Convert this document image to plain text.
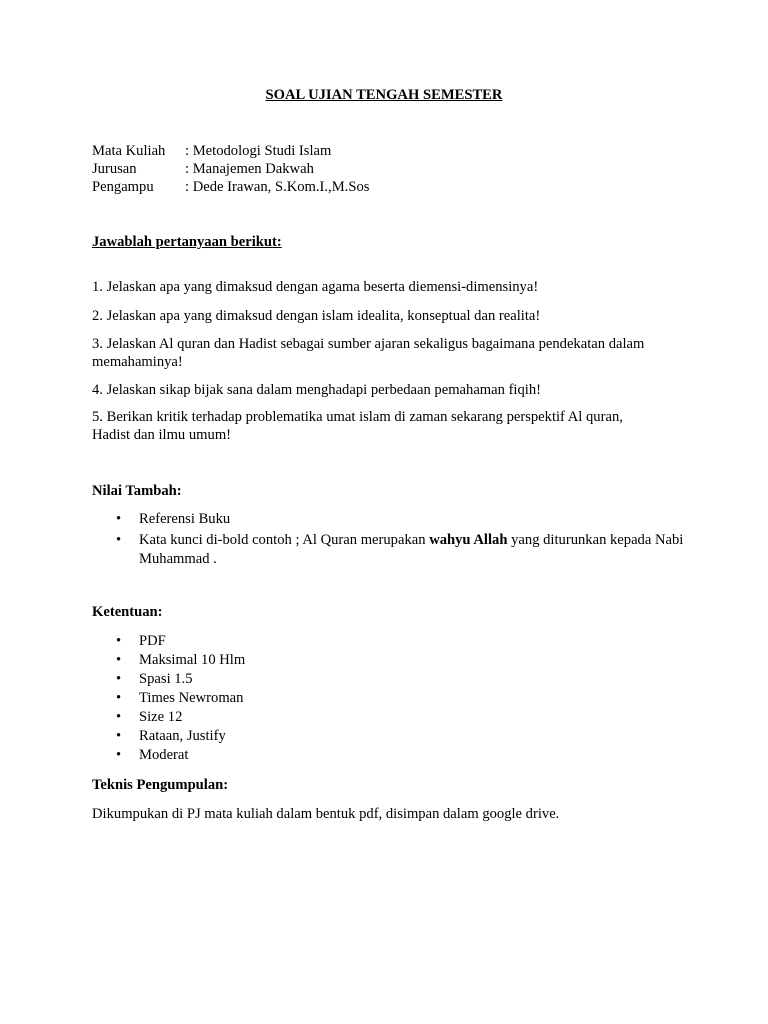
SOAL UJIAN TENGAH SEMESTER
Mata Kuliah : Metodologi Studi Islam
Jurusan	: Manajemen Dakwah
Pengampu : Dede Irawan, S.Kom.I.,M.Sos
Jawablah pertanyaan berikut:
1. Jelaskan apa yang dimaksud dengan agama beserta diemensi-dimensinya!
2. Jelaskan apa yang dimaksud dengan islam idealita, konseptual dan realita!
3. Jelaskan Al quran dan Hadist sebagai sumber ajaran sekaligus bagaimana pendekatan dalam memahaminya!
4. Jelaskan sikap bijak sana dalam menghadapi perbedaan pemahaman fiqih!
5. Berikan kritik terhadap problematika umat islam di zaman sekarang perspektif Al quran, Hadist dan ilmu umum!
Nilai Tambah:
• Referensi Buku
• Kata kunci di-bold contoh ; Al Quran merupakan wahyu Allah yang diturunkan kepada Nabi Muhammad .
Ketentuan:
• PDF
• Maksimal 10 Hlm
• Spasi 1.5
• Times Newroman
• Size 12
• Rataan, Justify
• Moderat
Teknis Pengumpulan:
Dikumpukan di PJ mata kuliah dalam bentuk pdf, disimpan dalam google drive.
